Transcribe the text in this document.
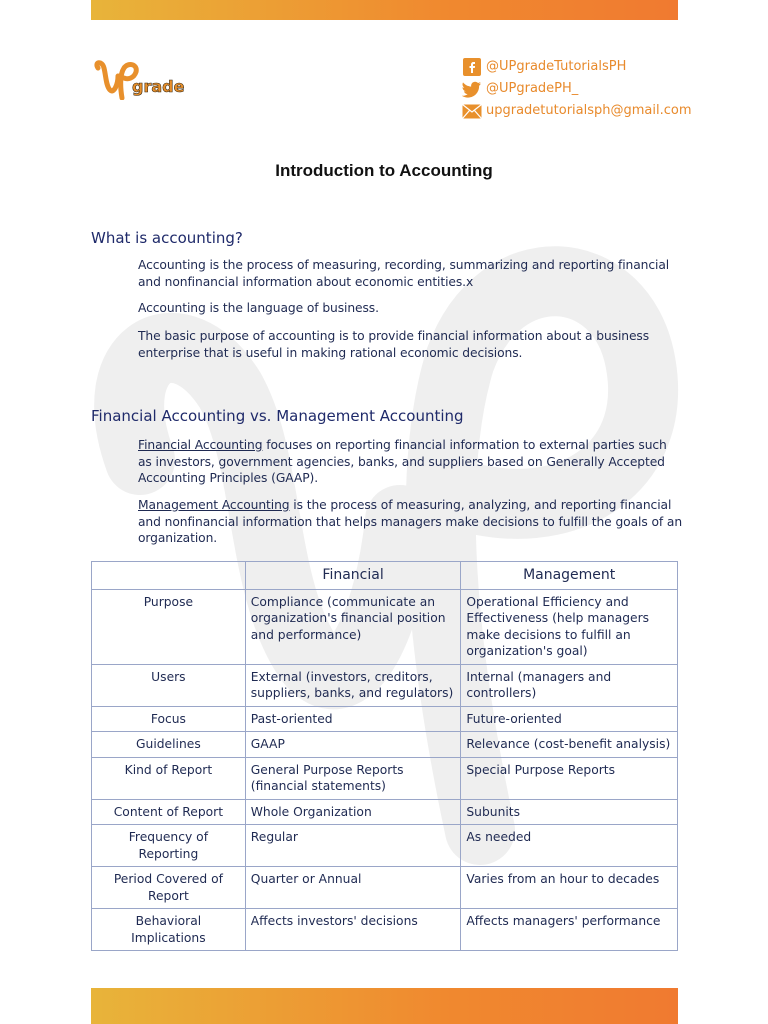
grade
@UPgradeTutorialsPH
@UPgradePH_
upgradetutorialsph@gmail.com
Introduction to Accounting
What is accounting?
Accounting is the process of measuring, recording, summarizing and reporting financial and nonfinancial information about economic entities.x
Accounting is the language of business.
The basic purpose of accounting is to provide financial information about a business enterprise that is useful in making rational economic decisions.
Financial Accounting vs. Management Accounting
Financial Accounting focuses on reporting financial information to external parties such as investors, government agencies, banks, and suppliers based on Generally Accepted Accounting Principles (GAAP).
Management Accounting is the process of measuring, analyzing, and reporting financial and nonfinancial information that helps managers make decisions to fulfill the goals of an organization.
	Financial	Management
Purpose	Compliance (communicate an organization's financial position and performance)	Operational Efficiency and Effectiveness (help managers make decisions to fulfill an organization's goal)
Users	External (investors, creditors, suppliers, banks, and regulators)	Internal (managers and controllers)
Focus	Past-oriented	Future-oriented
Guidelines	GAAP	Relevance (cost-benefit analysis)
Kind of Report	General Purpose Reports (financial statements)	Special Purpose Reports
Content of Report	Whole Organization	Subunits
Frequency of Reporting	Regular	As needed
Period Covered of Report	Quarter or Annual	Varies from an hour to decades
Behavioral Implications	Affects investors' decisions	Affects managers' performance
